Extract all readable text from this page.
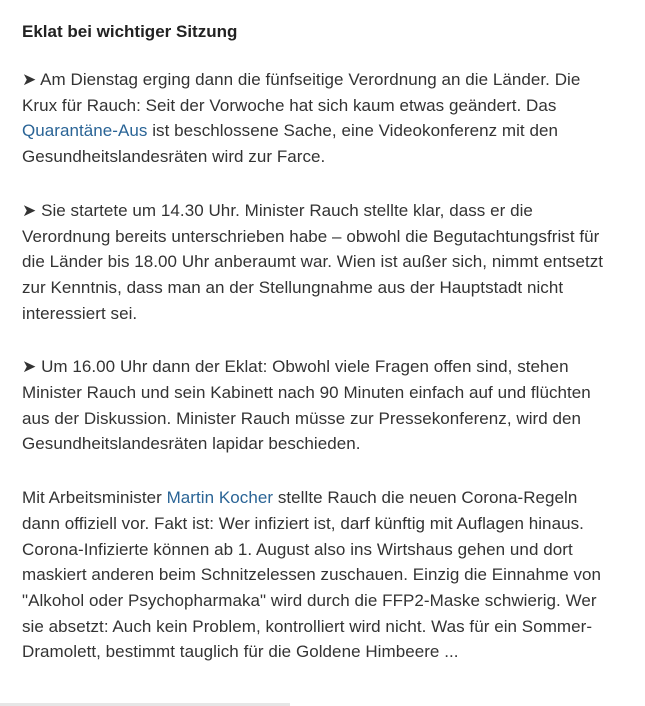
Eklat bei wichtiger Sitzung

➤ Am Dienstag erging dann die fünfseitige Verordnung an die Länder. Die Krux für Rauch: Seit der Vorwoche hat sich kaum etwas geändert. Das Quarantäne-Aus ist beschlossene Sache, eine Videokonferenz mit den Gesundheitslandesräten wird zur Farce.

➤ Sie startete um 14.30 Uhr. Minister Rauch stellte klar, dass er die Verordnung bereits unterschrieben habe – obwohl die Begutachtungsfrist für die Länder bis 18.00 Uhr anberaumt war. Wien ist außer sich, nimmt entsetzt zur Kenntnis, dass man an der Stellungnahme aus der Hauptstadt nicht interessiert sei.

➤ Um 16.00 Uhr dann der Eklat: Obwohl viele Fragen offen sind, stehen Minister Rauch und sein Kabinett nach 90 Minuten einfach auf und flüchten aus der Diskussion. Minister Rauch müsse zur Pressekonferenz, wird den Gesundheitslandesräten lapidar beschieden.

Mit Arbeitsminister Martin Kocher stellte Rauch die neuen Corona-Regeln dann offiziell vor. Fakt ist: Wer infiziert ist, darf künftig mit Auflagen hinaus. Corona-Infizierte können ab 1. August also ins Wirtshaus gehen und dort maskiert anderen beim Schnitzelessen zuschauen. Einzig die Einnahme von "Alkohol oder Psychopharmaka" wird durch die FFP2-Maske schwierig. Wer sie absetzt: Auch kein Problem, kontrolliert wird nicht. Was für ein Sommer-Dramolett, bestimmt tauglich für die Goldene Himbeere ...
